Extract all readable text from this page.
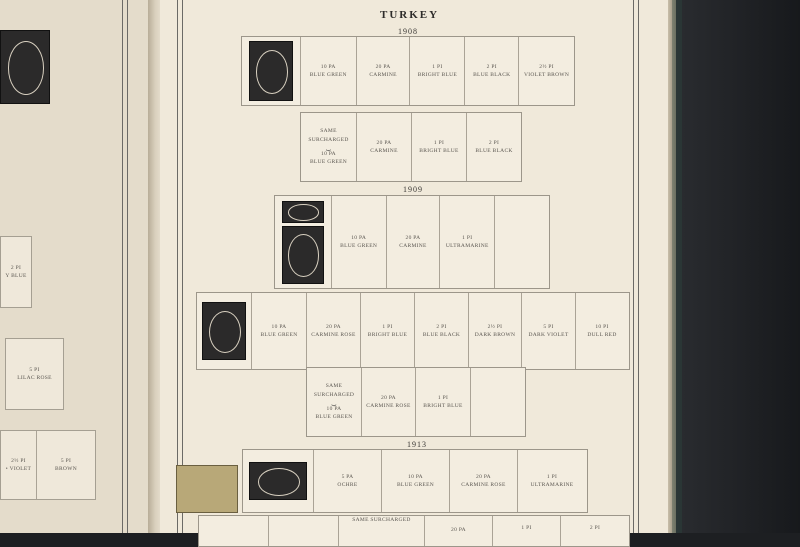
2 PI
Y BLUE
5 PI
LILAC ROSE
2½ PI
• VIOLET
5 PI
BROWN
TURKEY
1908
10 PA
BLUE GREEN
20 PA
CARMINE
1 PI
BRIGHT BLUE
2 PI
BLUE BLACK
2½ PI
VIOLET BROWN
SAME SURCHARGED
⏟
10 PA
BLUE GREEN
20 PA
CARMINE
1 PI
BRIGHT BLUE
2 PI
BLUE BLACK
1909
10 PA
BLUE GREEN
20 PA
CARMINE
1 PI
ULTRAMARINE
10 PA
BLUE GREEN
20 PA
CARMINE ROSE
1 PI
BRIGHT BLUE
2 PI
BLUE BLACK
2½ PI
DARK BROWN
5 PI
DARK VIOLET
10 PI
DULL RED
SAME SURCHARGED
⏟
10 PA
BLUE GREEN
20 PA
CARMINE ROSE
1 PI
BRIGHT BLUE
1913
5 PA
OCHRE
10 PA
BLUE GREEN
20 PA
CARMINE ROSE
1 PI
ULTRAMARINE
SAME SURCHARGED
20 PA	1 PI	2 PI
